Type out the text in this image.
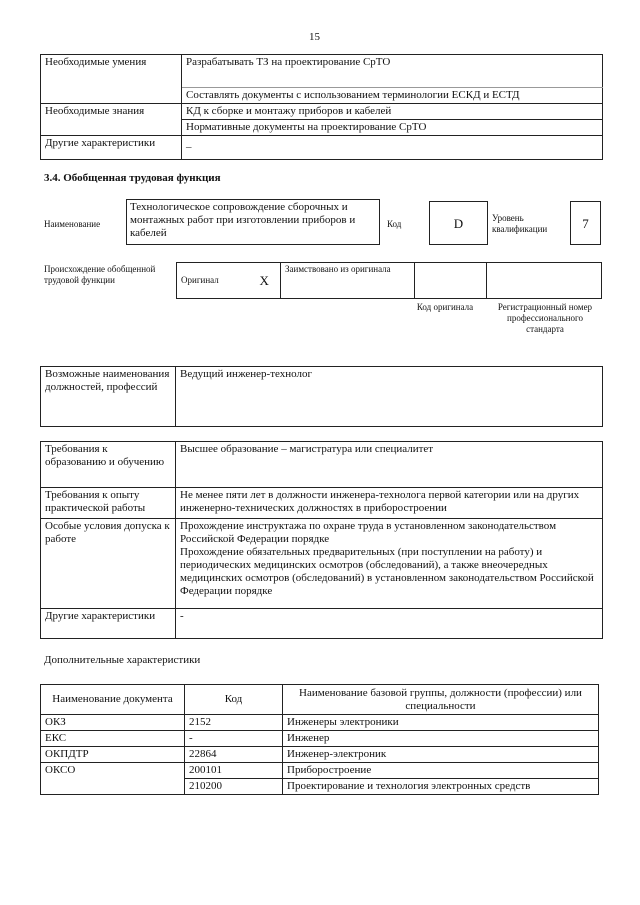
15
Необходимые умения	Разрабатывать ТЗ на проектирование СрТО
	Составлять документы с использованием терминологии ЕСКД и ЕСТД
Необходимые знания	КД к сборке и монтажу приборов и кабелей
	Нормативные документы на проектирование СрТО
Другие характеристики	_
3.4. Обобщенная трудовая функция
Наименование
Технологическое сопровождение сборочных и монтажных работ при изготовлении приборов и кабелей
Код	D	Уровень квалификации	7
Происхождение обобщенной трудовой функции	Оригинал	X	Заимствовано из оригинала		
Код оригинала	Регистрационный номер профессионального стандарта
Возможные наименования должностей, профессий	Ведущий инженер-технолог
Требования к образованию и обучению	Высшее образование – магистратура или специалитет
Требования к опыту практической работы	Не менее пяти лет в должности инженера-технолога первой категории или на других инженерно-технических должностях в приборостроении
Особые условия допуска к работе	Прохождение инструктажа по охране труда в установленном законодательством Российской Федерации порядке
Прохождение обязательных предварительных (при поступлении на работу) и периодических медицинских осмотров (обследований), а также внеочередных медицинских осмотров (обследований) в установленном законодательством Российской Федерации порядке

Другие характеристики	-
Дополнительные характеристики
Наименование документа	Код	Наименование базовой группы, должности (профессии) или специальности
ОКЗ	2152	Инженеры электроники
ЕКС	-	Инженер
ОКПДТР	22864	Инженер-электроник
ОКСО	200101	Приборостроение
	210200	Проектирование и технология электронных средств
